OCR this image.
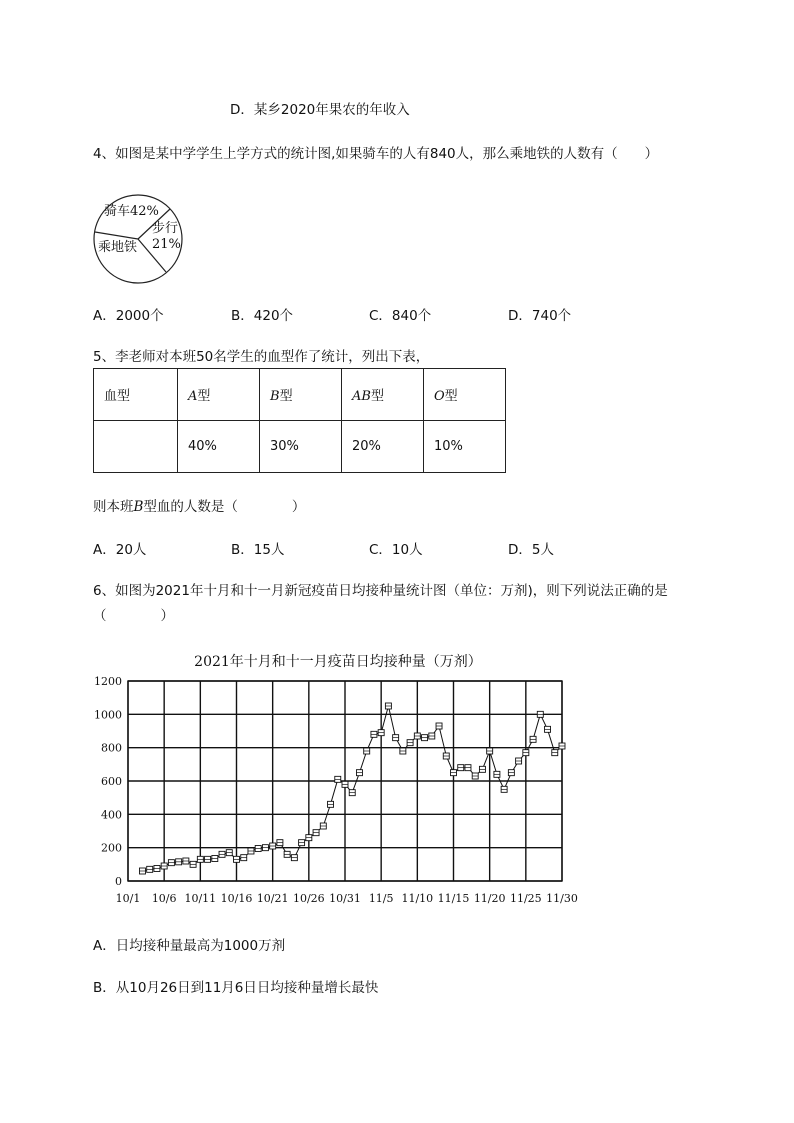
D．某乡2020年果农的年收入
4、如图是某中学学生上学方式的统计图,如果骑车的人有840人，那么乘地铁的人数有（　　）
骑车42%
步行
21%
乘地铁
A．2000个	B．420个	C．840个	D．740个
5、李老师对本班50名学生的血型作了统计，列出下表，
血型	A型	B型	AB型	O型
	40%	30%	20%	10%
则本班B型血的人数是（　　　　）
A．20人	B．15人	C．10人	D．5人
6、如图为2021年十月和十一月新冠疫苗日均接种量统计图（单位：万剂)，则下列说法正确的是
（　　　　）
2021年十月和十一月疫苗日均接种量（万剂）
0
200
400
600
800
1000
1200
10/1 10/6 10/11 10/16 10/21 10/26 10/31 11/5 11/10 11/15 11/20 11/25 11/30
A．日均接种量最高为1000万剂
B．从10月26日到11月6日日均接种量增长最快
